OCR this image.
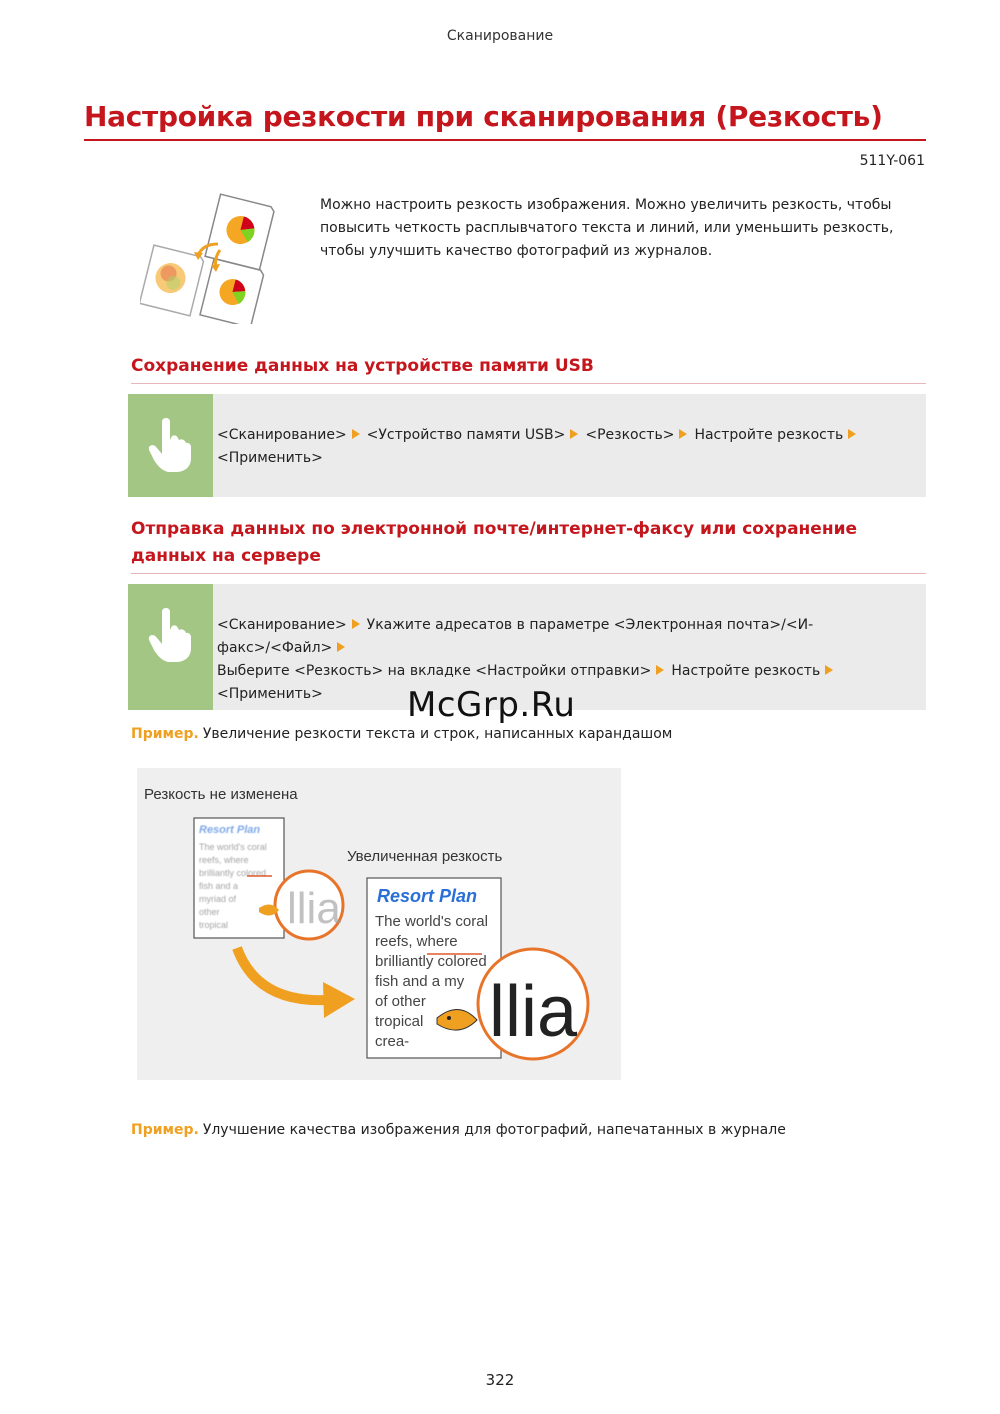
Сканирование
Настройка резкости при сканирования (Резкость)
511Y-061

Можно настроить резкость изображения. Можно увеличить резкость, чтобы повысить четкость расплывчатого текста и линий, или уменьшить резкость, чтобы улучшить качество фотографий из журналов.

Сохранение данных на устройстве памяти USB
<Сканирование> <Устройство памяти USB> <Резкость> Настройте резкость
<Применить>
Отправка данных по электронной почте/интернет-факсу или сохранение данных на сервере
<Сканирование> Укажите адресатов в параметре <Электронная почта>/<И-факс>/<Файл>
Выберите <Резкость> на вкладке <Настройки отправки> Настройте резкость
<Применить>	McGrp.Ru

Пример. Увеличение резкости текста и строк, написанных карандашом

Resort Plan
The world's coral
reefs, where
brilliantly colored
fish and a
myriad of
other
tropical llia Resort Plan
The world's coral
reefs, where
brilliantly colored
fish and a my
of other
tropical
crea- llia
Резкость не изменена
Увеличенная резкость

Пример. Улучшение качества изображения для фотографий, напечатанных в журнале

322
